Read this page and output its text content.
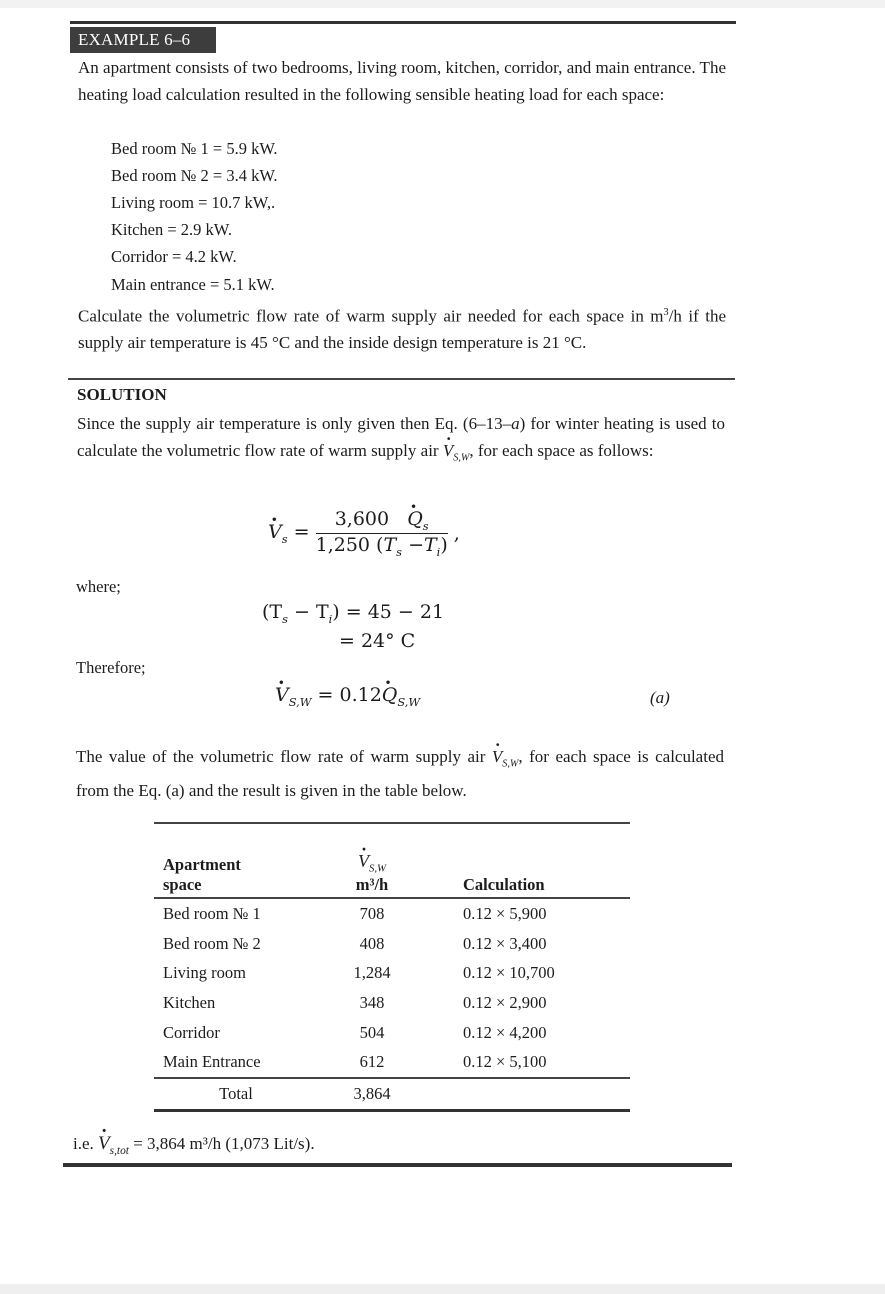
EXAMPLE 6–6
An apartment consists of two bedrooms, living room, kitchen, corridor, and main entrance. The heating load calculation resulted in the following sensible heating load for each space:
Bed room № 1 = 5.9 kW.
Bed room № 2 = 3.4 kW.
Living room = 10.7 kW,.
Kitchen = 2.9 kW.
Corridor = 4.2 kW.
Main entrance = 5.1 kW.
Calculate the volumetric flow rate of warm supply air needed for each space in $m^3/h$ if the supply air temperature is 45 °C and the inside design temperature is 21 °C.
SOLUTION
Since the supply air temperature is only given then Eq. (6–13–a) for winter heating is used to calculate the volumetric flow rate of warm supply air · $V_{S,W}$, for each space as follows:
· $V_s = \frac{3,600 \cdot Q_s}{1,250 (T_s -T_i)}$ ,
where;
$(T_s - T_i) = 45 - 21$
= 24° C
Therefore;
· $V_{S,W} = 0.12\cdot Q_{S,W}$	(a)
The value of the volumetric flow rate of warm supply air · $V_{S,W}$, for each space is calculated from the Eq. (a) and the result is given in the table below.
Apartment
space	· $V_{S,W}$
m³/h	Calculation

Bed room № 1	708	0.12 × 5,900
Bed room № 2	408	0.12 × 3,400
Living room	1,284	0.12 × 10,700
Kitchen	348	0.12 × 2,900
Corridor	504	0.12 × 4,200
Main Entrance	612	0.12 × 5,100

Total	3,864	

i.e. · $V_{s,tot} = 3,864$ m³/h (1,073 Lit/s).
